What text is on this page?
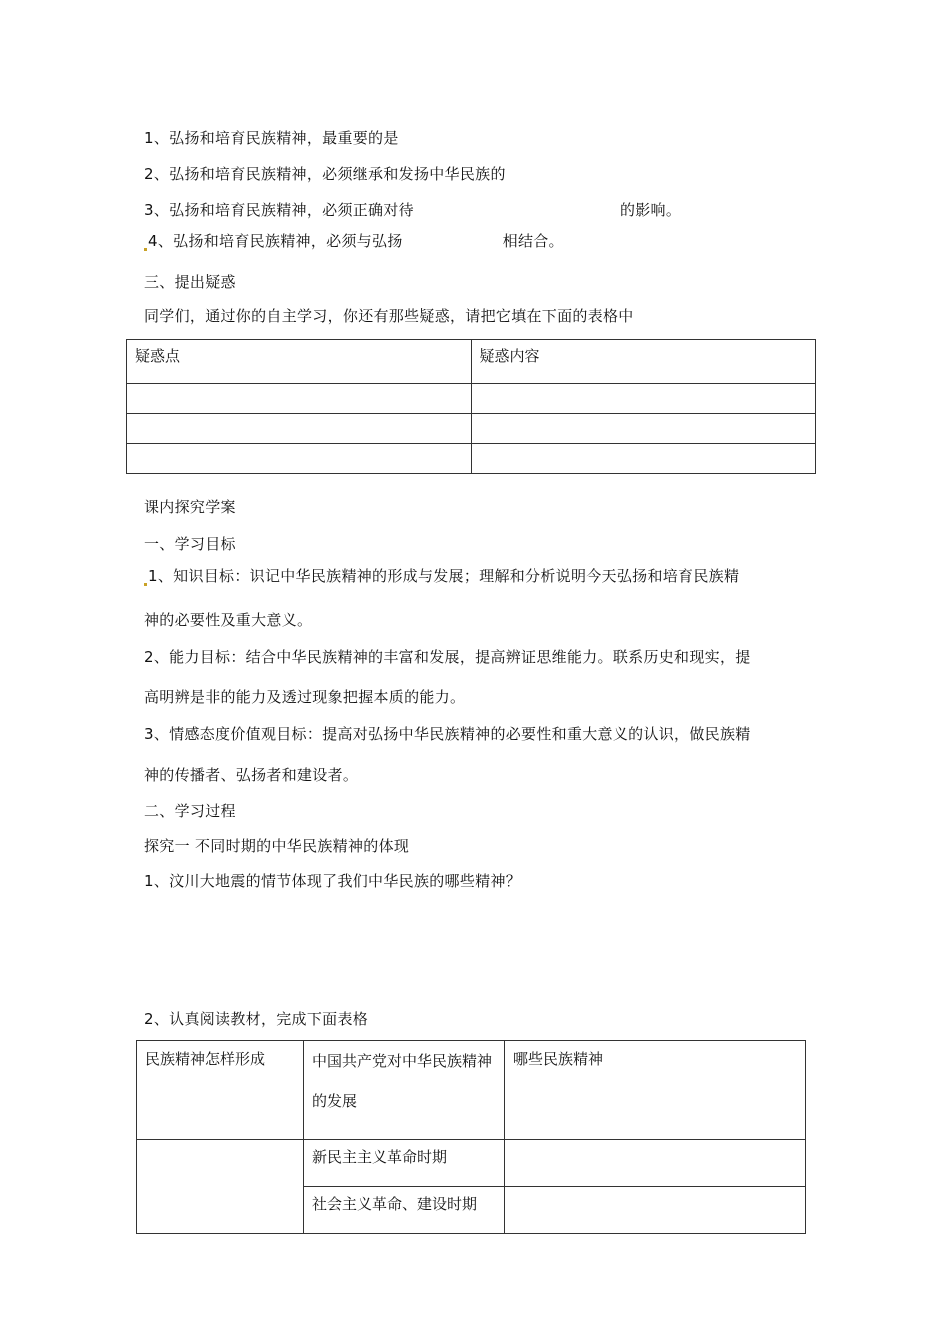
1、弘扬和培育民族精神，最重要的是
2、弘扬和培育民族精神，必须继承和发扬中华民族的
3、弘扬和培育民族精神，必须正确对待	的影响。
4、弘扬和培育民族精神，必须与弘扬	相结合。
三、提出疑惑
同学们，通过你的自主学习，你还有那些疑惑，请把它填在下面的表格中
疑惑点	疑惑内容

课内探究学案
一、学习目标
1、知识目标：识记中华民族精神的形成与发展；理解和分析说明今天弘扬和培育民族精
神的必要性及重大意义。
2、能力目标：结合中华民族精神的丰富和发展，提高辨证思维能力。联系历史和现实，提
高明辨是非的能力及透过现象把握本质的能力。
3、情感态度价值观目标：提高对弘扬中华民族精神的必要性和重大意义的认识，做民族精
神的传播者、弘扬者和建设者。
二、学习过程
探究一 不同时期的中华民族精神的体现
1、汶川大地震的情节体现了我们中华民族的哪些精神？
2、认真阅读教材，完成下面表格
民族精神怎样形成	中国共产党对中华民族精神的发展	哪些民族精神
	新民主主义革命时期	
	社会主义革命、建设时期	
